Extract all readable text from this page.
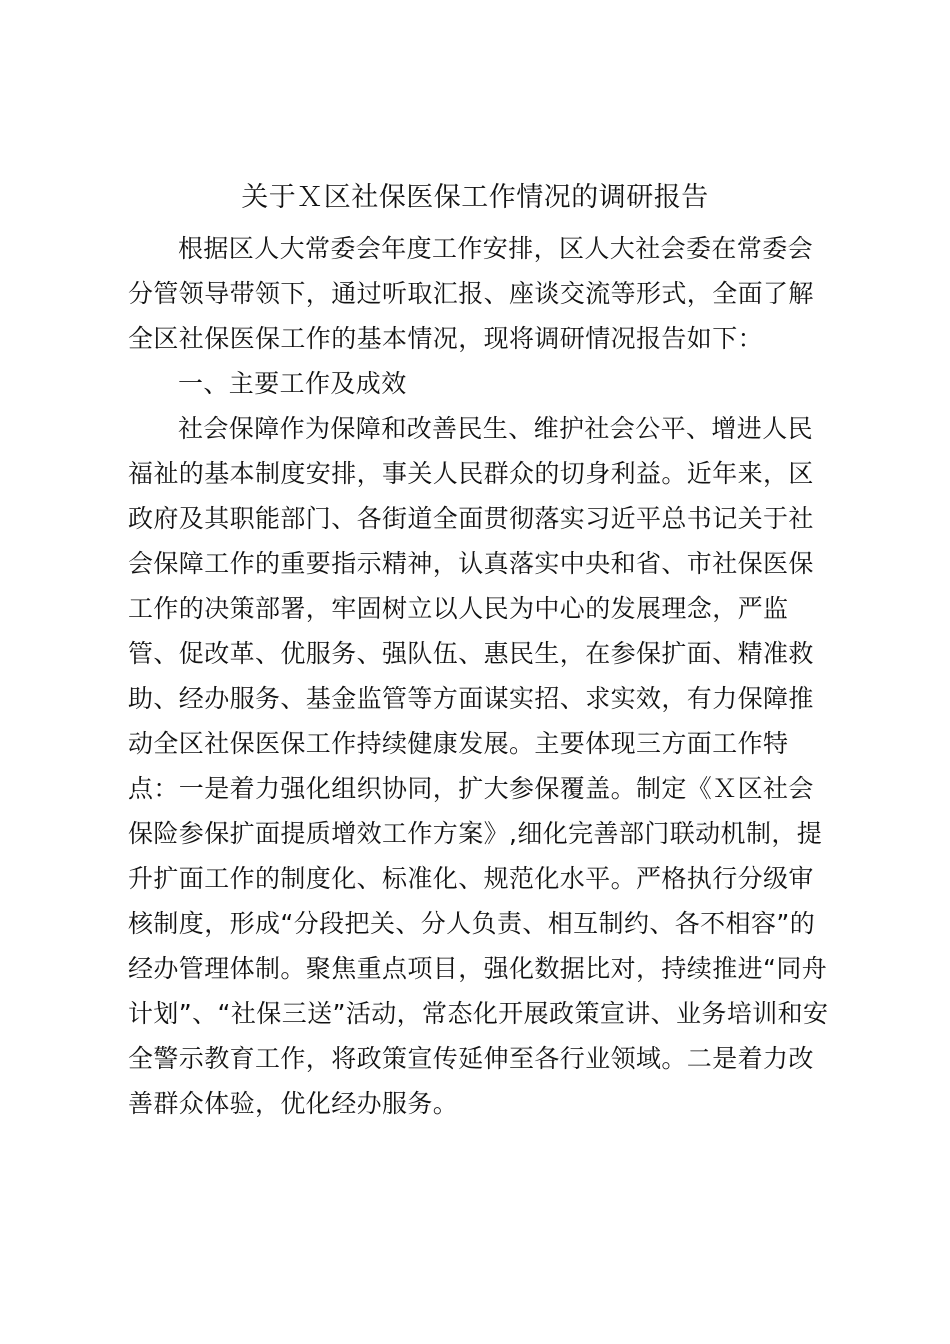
关于Ｘ区社保医保工作情况的调研报告
根据区人大常委会年度工作安排，区人大社会委在常委会
分管领导带领下，通过听取汇报、座谈交流等形式，全面了解
全区社保医保工作的基本情况，现将调研情况报告如下：
一、主要工作及成效
社会保障作为保障和改善民生、维护社会公平、增进人民
福祉的基本制度安排，事关人民群众的切身利益。近年来，区
政府及其职能部门、各街道全面贯彻落实习近平总书记关于社
会保障工作的重要指示精神，认真落实中央和省、市社保医保
工作的决策部署，牢固树立以人民为中心的发展理念，严监
管、促改革、优服务、强队伍、惠民生，在参保扩面、精准救
助、经办服务、基金监管等方面谋实招、求实效，有力保障推
动全区社保医保工作持续健康发展。主要体现三方面工作特
点：一是着力强化组织协同，扩大参保覆盖。制定《Ｘ区社会
保险参保扩面提质增效工作方案》,细化完善部门联动机制，提
升扩面工作的制度化、标准化、规范化水平。严格执行分级审
核制度，形成“分段把关、分人负责、相互制约、各不相容”的
经办管理体制。聚焦重点项目，强化数据比对，持续推进“同舟
计划”、“社保三送”活动，常态化开展政策宣讲、业务培训和安
全警示教育工作，将政策宣传延伸至各行业领域。二是着力改
善群众体验，优化经办服务。
